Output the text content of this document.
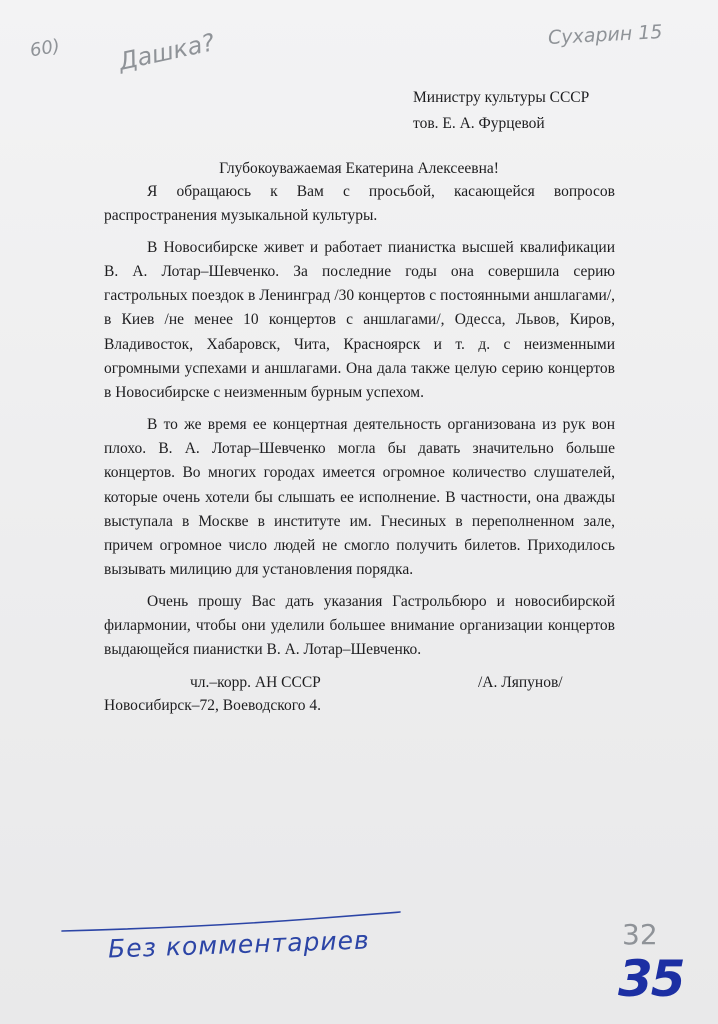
60) Дашка?	Сухарин 15
Министру культуры СССР
тов. Е. А. Фурцевой
Глубокоуважаемая Екатерина Алексеевна!

Я обращаюсь к Вам с просьбой, касающейся вопросов распространения музыкальной культуры.

В Новосибирске живет и работает пианистка высшей квалификации В. А. Лотар–Шевченко. За последние годы она совершила серию гастрольных поездок в Ленинград /30 концертов с постоянными аншлагами/, в Киев /не менее 10 концертов с аншлагами/, Одесса, Львов, Киров, Владивосток, Хабаровск, Чита, Красноярск и т. д. с неизменными огромными успехами и аншлагами. Она дала также целую серию концертов в Новосибирске с неизменным бурным успехом.

В то же время ее концертная деятельность организована из рук вон плохо. В. А. Лотар–Шевченко могла бы давать значительно больше концертов. Во многих городах имеется огромное количество слушателей, которые очень хотели бы слышать ее исполнение. В частности, она дважды выступала в Москве в институте им. Гнесиных в переполненном зале, причем огромное число людей не смогло получить билетов. Приходилось вызывать милицию для установления порядка.

Очень прошу Вас дать указания Гастрольбюро и новосибирской филармонии, чтобы они уделили большее внимание организации концертов выдающейся пианистки В. А. Лотар–Шевченко.

чл.–корр. АН СССР	/А. Ляпунов/
Новосибирск–72, Воеводского 4.
Без комментариев	32
35
